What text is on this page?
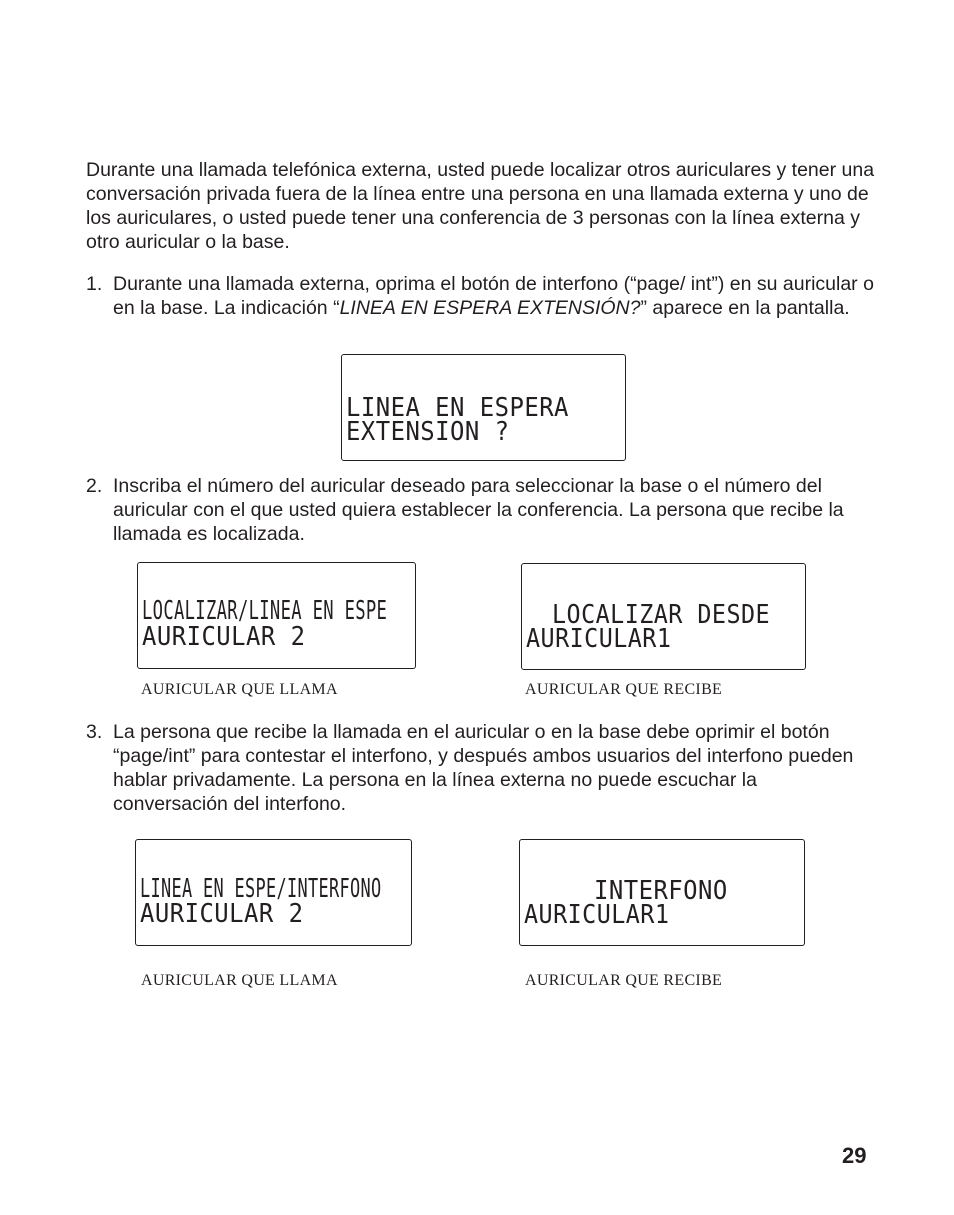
Durante una llamada telefónica externa, usted puede localizar otros auriculares y tener una conversación privada fuera de la línea entre una persona en una llamada externa y uno de los auriculares, o usted puede tener una conferencia de 3 personas con la línea externa y otro auricular o la base.

1. Durante una llamada externa, oprima el botón de interfono (“page/ int”) en su auricular o en la base. La indicación “LINEA EN ESPERA EXTENSIÓN?” aparece en la pantalla.
LINEA EN ESPERA
EXTENSION ?
2. Inscriba el número del auricular deseado para seleccionar la base o el número del auricular con el que usted quiera establecer la conferencia. La persona que recibe la llamada es localizada.
LOCALIZAR/LINEA EN ESPE
AURICULAR 2

AURICULAR QUE LLAMA

LOCALIZAR DESDE
AURICULAR1

AURICULAR QUE RECIBE

3. La persona que recibe la llamada en el auricular o en la base debe oprimir el botón “page/int” para contestar el interfono, y después ambos usuarios del interfono pueden hablar privadamente. La persona en la línea externa no puede escuchar la conversación del interfono.
LINEA EN ESPE/INTERFONO
AURICULAR 2

AURICULAR QUE LLAMA

INTERFONO
AURICULAR1

AURICULAR QUE RECIBE

29
